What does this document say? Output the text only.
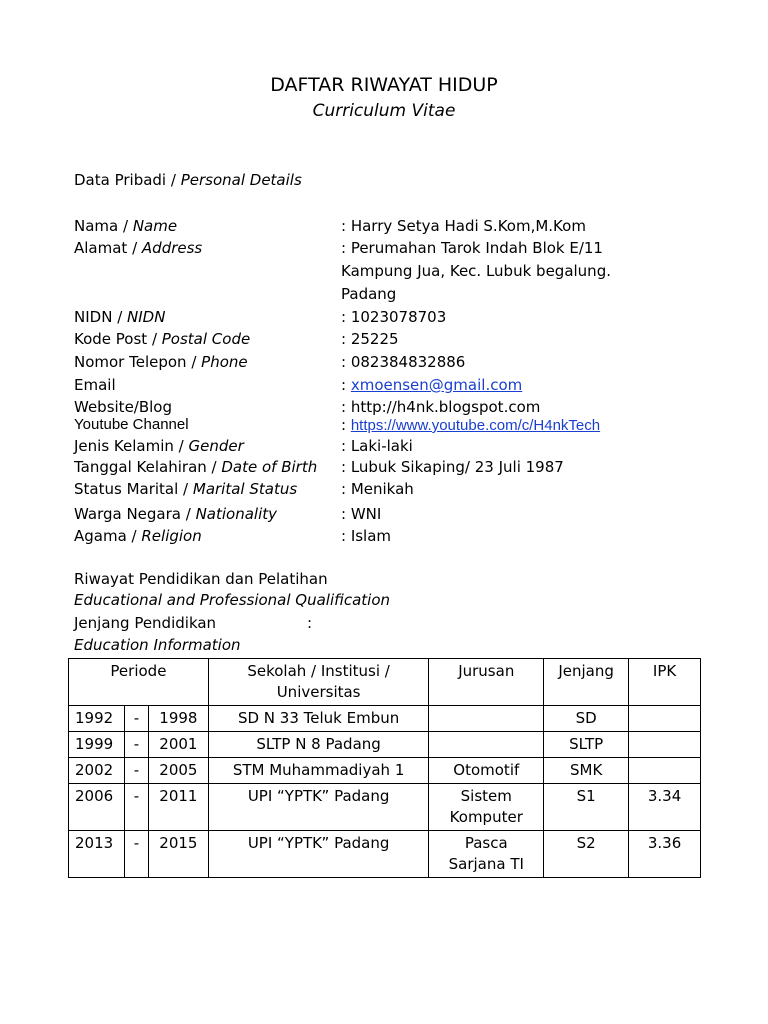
DAFTAR RIWAYAT HIDUP
Curriculum Vitae
Data Pribadi / Personal Details
Nama / Name	: Harry Setya Hadi S.Kom,M.Kom
Alamat / Address	: Perumahan Tarok Indah Blok E/11
Kampung Jua, Kec. Lubuk begalung.
Padang
NIDN / NIDN	: 1023078703
Kode Post / Postal Code	: 25225
Nomor Telepon / Phone	: 082384832886
Email	: xmoensen@gmail.com
Website/Blog	: http://h4nk.blogspot.com
Youtube Channel	: https://www.youtube.com/c/H4nkTech
Jenis Kelamin / Gender	: Laki-laki
Tanggal Kelahiran / Date of Birth : Lubuk Sikaping/ 23 Juli 1987
Status Marital / Marital Status	: Menikah
Warga Negara / Nationality	: WNI
Agama / Religion	: Islam
Riwayat Pendidikan dan Pelatihan
Educational and Professional Qualification
Jenjang Pendidikan	:
Education Information
Periode			Sekolah / Institusi /
Universitas	Jurusan	Jenjang	IPK
1992	-	1998	SD N 33 Teluk Embun		SD	
1999	-	2001	SLTP N 8 Padang		SLTP	
2002	-	2005	STM Muhammadiyah 1	Otomotif	SMK	
2006	-	2011	UPI “YPTK” Padang	Sistem
Komputer	S1	3.34
2013	-	2015	UPI “YPTK” Padang	Pasca
Sarjana TI	S2	3.36
